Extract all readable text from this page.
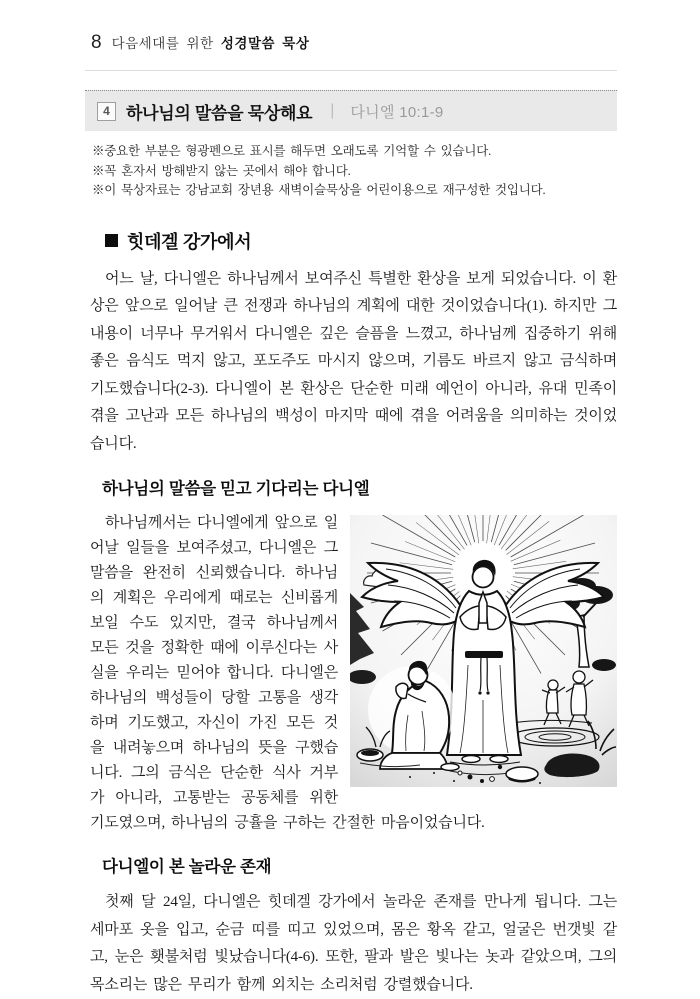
8 다음세대를 위한 성경말씀 묵상
4 하나님의 말씀을 묵상해요 | 다니엘 10:1-9
※중요한 부분은 형광펜으로 표시를 해두면 오래도록 기억할 수 있습니다.
※꼭 혼자서 방해받지 않는 곳에서 해야 합니다.
※이 묵상자료는 강남교회 장년용 새벽이슬묵상을 어린이용으로 재구성한 것입니다.
힛데겔 강가에서

어느 날, 다니엘은 하나님께서 보여주신 특별한 환상을 보게 되었습니다. 이 환상은 앞으로 일어날 큰 전쟁과 하나님의 계획에 대한 것이었습니다(1). 하지만 그 내용이 너무나 무거워서 다니엘은 깊은 슬픔을 느꼈고, 하나님께 집중하기 위해 좋은 음식도 먹지 않고, 포도주도 마시지 않으며, 기름도 바르지 않고 금식하며 기도했습니다(2-3). 다니엘이 본 환상은 단순한 미래 예언이 아니라, 유대 민족이 겪을 고난과 모든 하나님의 백성이 마지막 때에 겪을 어려움을 의미하는 것이었습니다.

하나님의 말씀을 믿고 기다리는 다니엘
하나님께서는 다니엘에게 앞으로 일어날 일들을 보여주셨고, 다니엘은 그 말씀을 완전히 신뢰했습니다. 하나님의 계획은 우리에게 때로는 신비롭게 보일 수도 있지만, 결국 하나님께서 모든 것을 정확한 때에 이루신다는 사실을 우리는 믿어야 합니다. 다니엘은 하나님의 백성들이 당할 고통을 생각하며 기도했고, 자신이 가진 모든 것을 내려놓으며 하나님의 뜻을 구했습니다. 그의 금식은 단순한 식사 거부가 아니라, 고통받는 공동체를 위한 기도였으며, 하나님의 긍휼을 구하는 간절한 마음이었습니다.
다니엘이 본 놀라운 존재

첫째 달 24일, 다니엘은 힛데겔 강가에서 놀라운 존재를 만나게 됩니다. 그는 세마포 옷을 입고, 순금 띠를 띠고 있었으며, 몸은 황옥 같고, 얼굴은 번갯빛 같고, 눈은 횃불처럼 빛났습니다(4-6). 또한, 팔과 발은 빛나는 놋과 같았으며, 그의 목소리는 많은 무리가 함께 외치는 소리처럼 강렬했습니다.
